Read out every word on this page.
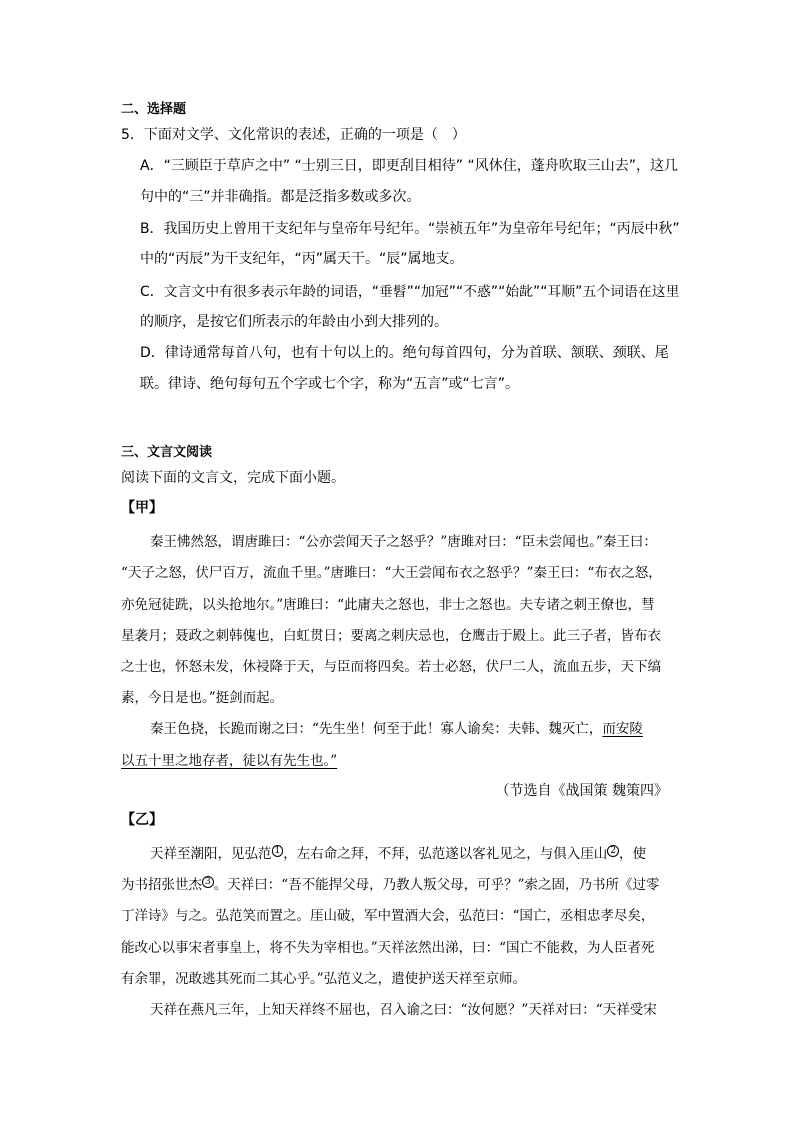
二、选择题
5．下面对文学、文化常识的表述，正确的一项是（　）
A．“三顾臣于草庐之中” “士别三日，即更刮目相待” “风休住，蓬舟吹取三山去”，这几
句中的“三”并非确指。都是泛指多数或多次。
B．我国历史上曾用干支纪年与皇帝年号纪年。“崇祯五年”为皇帝年号纪年；“丙辰中秋”
中的“丙辰”为干支纪年，“丙”属天干。“辰”属地支。
C．文言文中有很多表示年龄的词语，“垂髫”“加冠”“不惑”“始龀”“耳顺”五个词语在这里
的顺序，是按它们所表示的年龄由小到大排列的。
D．律诗通常每首八句，也有十句以上的。绝句每首四句，分为首联、颔联、颈联、尾
联。律诗、绝句每句五个字或七个字，称为“五言”或“七言”。
三、文言文阅读
阅读下面的文言文，完成下面小题。
【甲】
秦王怫然怒，谓唐雎曰：“公亦尝闻天子之怒乎？”唐雎对曰：“臣未尝闻也。”秦王曰：
“天子之怒，伏尸百万，流血千里。”唐雎曰：“大王尝闻布衣之怒乎？”秦王曰：“布衣之怒，
亦免冠徒跣，以头抢地尔。”唐雎曰：“此庸夫之怒也，非士之怒也。夫专诸之刺王僚也，彗
星袭月；聂政之刺韩傀也，白虹贯日；要离之刺庆忌也，仓鹰击于殿上。此三子者，皆布衣
之士也，怀怒未发，休祲降于天，与臣而将四矣。若士必怒，伏尸二人，流血五步，天下缟
素，今日是也。”挺剑而起。
秦王色挠，长跪而谢之曰：“先生坐！何至于此！寡人谕矣：夫韩、魏灭亡，而安陵
以五十里之地存者，徒以有先生也。”
（节选自《战国策 魏策四》
【乙】
天祥至潮阳，见弘范 $^1$ ，左右命之拜，不拜，弘范遂以客礼见之，与俱入厓山 $^2$ ，使
为书招张世杰 $^3$ 。天祥曰：“吾不能捍父母，乃教人叛父母，可乎？”索之固，乃书所《过零
丁洋诗》与之。弘范笑而置之。厓山破，军中置酒大会，弘范曰：“国亡，丞相忠孝尽矣，
能改心以事宋者事皇上，将不失为宰相也。”天祥泫然出涕，曰：“国亡不能救，为人臣者死
有余罪，况敢逃其死而二其心乎。”弘范义之，遣使护送天祥至京师。
天祥在燕凡三年，上知天祥终不屈也，召入谕之曰：“汝何愿？”天祥对曰：“天祥受宋
